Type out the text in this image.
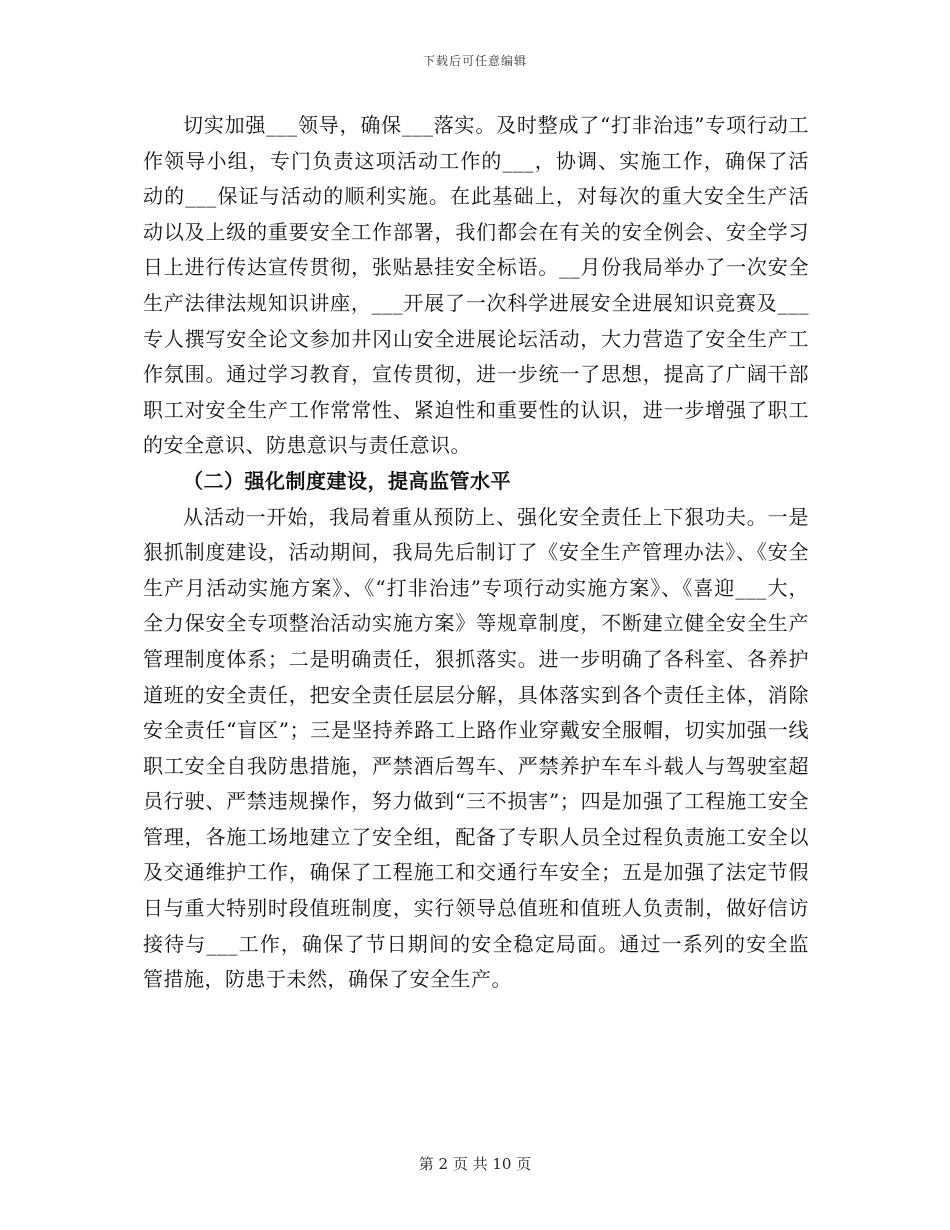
下载后可任意编辑

切实加强___领导，确保___落实。及时整成了“打非治违”专项行动工作领导小组，专门负责这项活动工作的___，协调、实施工作，确保了活动的___保证与活动的顺利实施。在此基础上，对每次的重大安全生产活动以及上级的重要安全工作部署，我们都会在有关的安全例会、安全学习日上进行传达宣传贯彻，张贴悬挂安全标语。__月份我局举办了一次安全生产法律法规知识讲座，___开展了一次科学进展安全进展知识竞赛及___专人撰写安全论文参加井冈山安全进展论坛活动，大力营造了安全生产工作氛围。通过学习教育，宣传贯彻，进一步统一了思想，提高了广阔干部职工对安全生产工作常常性、紧迫性和重要性的认识，进一步增强了职工的安全意识、防患意识与责任意识。

（二）强化制度建设，提高监管水平

从活动一开始，我局着重从预防上、强化安全责任上下狠功夫。一是狠抓制度建设，活动期间，我局先后制订了《安全生产管理办法》、《安全生产月活动实施方案》、《“打非治违”专项行动实施方案》、《喜迎___大，全力保安全专项整治活动实施方案》等规章制度，不断建立健全安全生产管理制度体系；二是明确责任，狠抓落实。进一步明确了各科室、各养护道班的安全责任，把安全责任层层分解，具体落实到各个责任主体，消除安全责任“盲区”；三是坚持养路工上路作业穿戴安全服帽，切实加强一线职工安全自我防患措施，严禁酒后驾车、严禁养护车车斗载人与驾驶室超员行驶、严禁违规操作，努力做到“三不损害”；四是加强了工程施工安全管理，各施工场地建立了安全组，配备了专职人员全过程负责施工安全以及交通维护工作，确保了工程施工和交通行车安全；五是加强了法定节假日与重大特别时段值班制度，实行领导总值班和值班人负责制，做好信访接待与___工作，确保了节日期间的安全稳定局面。通过一系列的安全监管措施，防患于未然，确保了安全生产。

第 2 页 共 10 页
